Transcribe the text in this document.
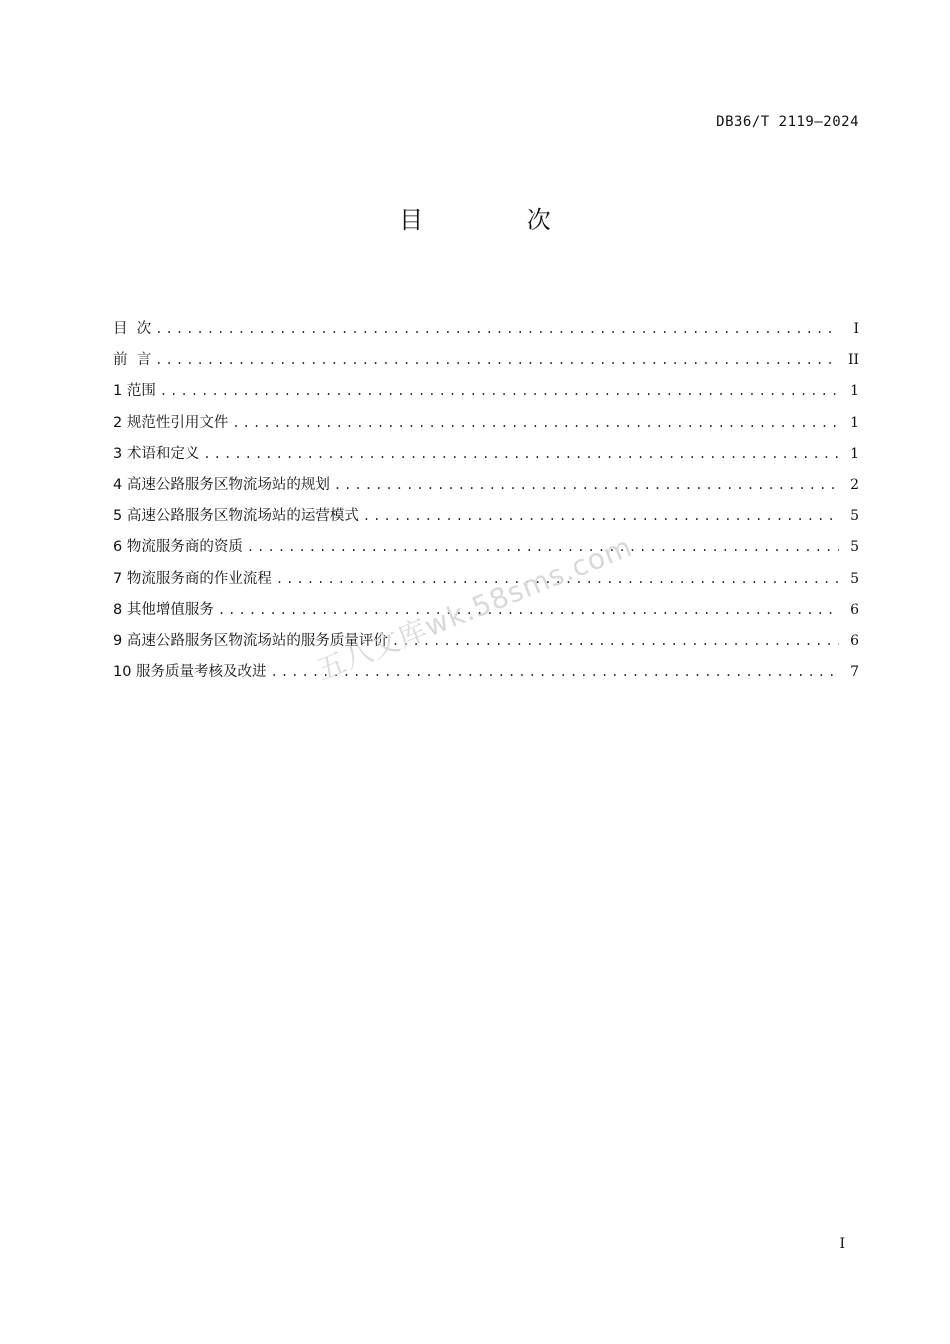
DB36/T 2119—2024
目 次
目  次 .....	I
前  言 .....	II
1 范围 .....	1
2 规范性引用文件 .....	1
3 术语和定义 .....	1
4 高速公路服务区物流场站的规划 .....	2
5 高速公路服务区物流场站的运营模式 .....	5
6 物流服务商的资质 .....	5
7 物流服务商的作业流程 .....	5
8 其他增值服务 .....	6
9 高速公路服务区物流场站的服务质量评价 .....	6
10 服务质量考核及改进 .....	7
五八文库wk.58sms.com
I
